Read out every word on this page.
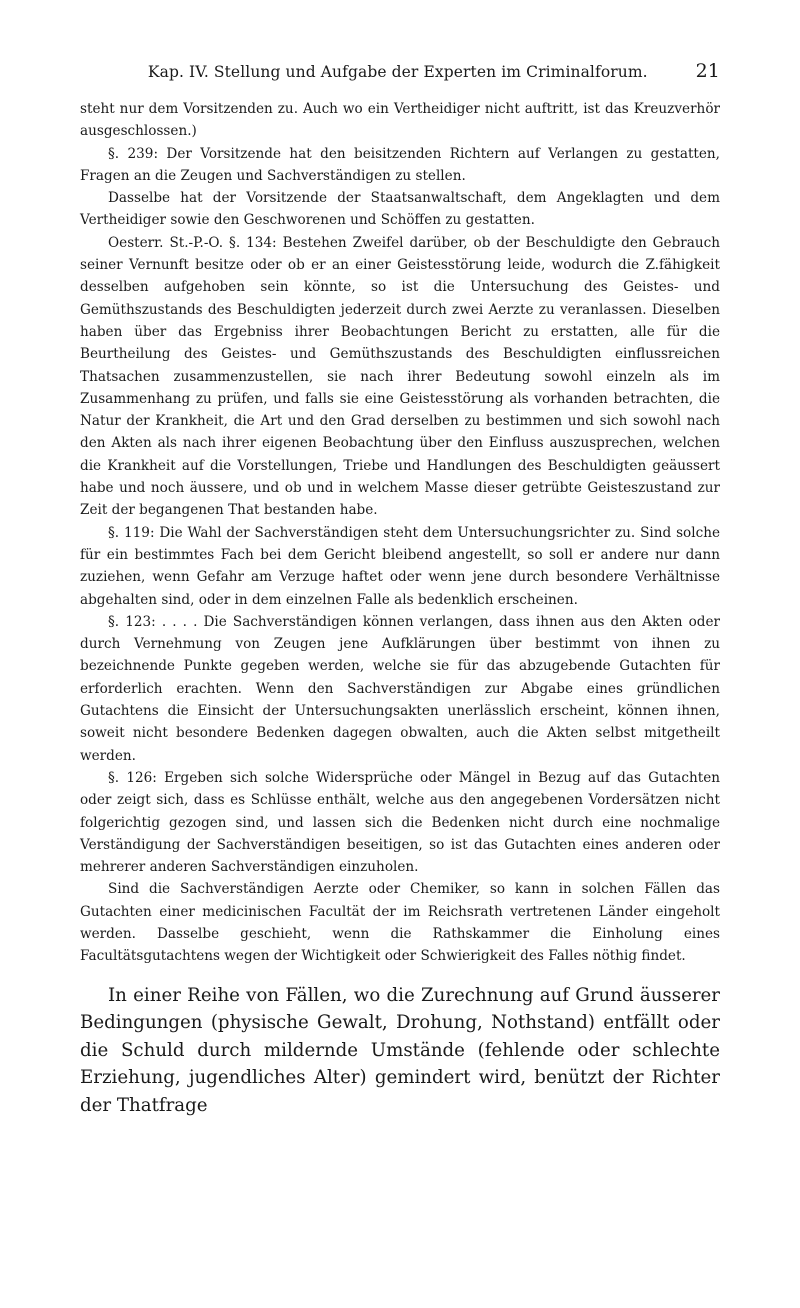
Kap. IV. Stellung und Aufgabe der Experten im Criminalforum.	21

steht nur dem Vorsitzenden zu. Auch wo ein Vertheidiger nicht auftritt, ist das Kreuzverhör ausgeschlossen.)

§. 239: Der Vorsitzende hat den beisitzenden Richtern auf Verlangen zu gestatten, Fragen an die Zeugen und Sachverständigen zu stellen.

Dasselbe hat der Vorsitzende der Staatsanwaltschaft, dem Angeklagten und dem Vertheidiger sowie den Geschworenen und Schöffen zu gestatten.

Oesterr. St.-P.-O. §. 134: Bestehen Zweifel darüber, ob der Beschuldigte den Gebrauch seiner Vernunft besitze oder ob er an einer Geistesstörung leide, wodurch die Z.fähigkeit desselben aufgehoben sein könnte, so ist die Untersuchung des Geistes- und Gemüthszustands des Beschuldigten jederzeit durch zwei Aerzte zu veranlassen. Dieselben haben über das Ergebniss ihrer Beobachtungen Bericht zu erstatten, alle für die Beurtheilung des Geistes- und Gemüthszustands des Beschuldigten einflussreichen Thatsachen zusammenzustellen, sie nach ihrer Bedeutung sowohl einzeln als im Zusammenhang zu prüfen, und falls sie eine Geistesstörung als vorhanden betrachten, die Natur der Krankheit, die Art und den Grad derselben zu bestimmen und sich sowohl nach den Akten als nach ihrer eigenen Beobachtung über den Einfluss auszusprechen, welchen die Krankheit auf die Vorstellungen, Triebe und Handlungen des Beschuldigten geäussert habe und noch äussere, und ob und in welchem Masse dieser getrübte Geisteszustand zur Zeit der begangenen That bestanden habe.

§. 119: Die Wahl der Sachverständigen steht dem Untersuchungsrichter zu. Sind solche für ein bestimmtes Fach bei dem Gericht bleibend angestellt, so soll er andere nur dann zuziehen, wenn Gefahr am Verzuge haftet oder wenn jene durch besondere Verhältnisse abgehalten sind, oder in dem einzelnen Falle als bedenklich erscheinen.

§. 123: . . . . Die Sachverständigen können verlangen, dass ihnen aus den Akten oder durch Vernehmung von Zeugen jene Aufklärungen über bestimmt von ihnen zu bezeichnende Punkte gegeben werden, welche sie für das abzugebende Gutachten für erforderlich erachten. Wenn den Sachverständigen zur Abgabe eines gründlichen Gutachtens die Einsicht der Untersuchungsakten unerlässlich erscheint, können ihnen, soweit nicht besondere Bedenken dagegen obwalten, auch die Akten selbst mitgetheilt werden.

§. 126: Ergeben sich solche Widersprüche oder Mängel in Bezug auf das Gutachten oder zeigt sich, dass es Schlüsse enthält, welche aus den angegebenen Vordersätzen nicht folgerichtig gezogen sind, und lassen sich die Bedenken nicht durch eine nochmalige Verständigung der Sachverständigen beseitigen, so ist das Gutachten eines anderen oder mehrerer anderen Sachverständigen einzuholen.

Sind die Sachverständigen Aerzte oder Chemiker, so kann in solchen Fällen das Gutachten einer medicinischen Facultät der im Reichsrath vertretenen Länder eingeholt werden. Dasselbe geschieht, wenn die Rathskammer die Einholung eines Facultätsgutachtens wegen der Wichtigkeit oder Schwierigkeit des Falles nöthig findet.

In einer Reihe von Fällen, wo die Zurechnung auf Grund äusserer Bedingungen (physische Gewalt, Drohung, Nothstand) entfällt oder die Schuld durch mildernde Umstände (fehlende oder schlechte Erziehung, jugendliches Alter) gemindert wird, benützt der Richter der Thatfrage
